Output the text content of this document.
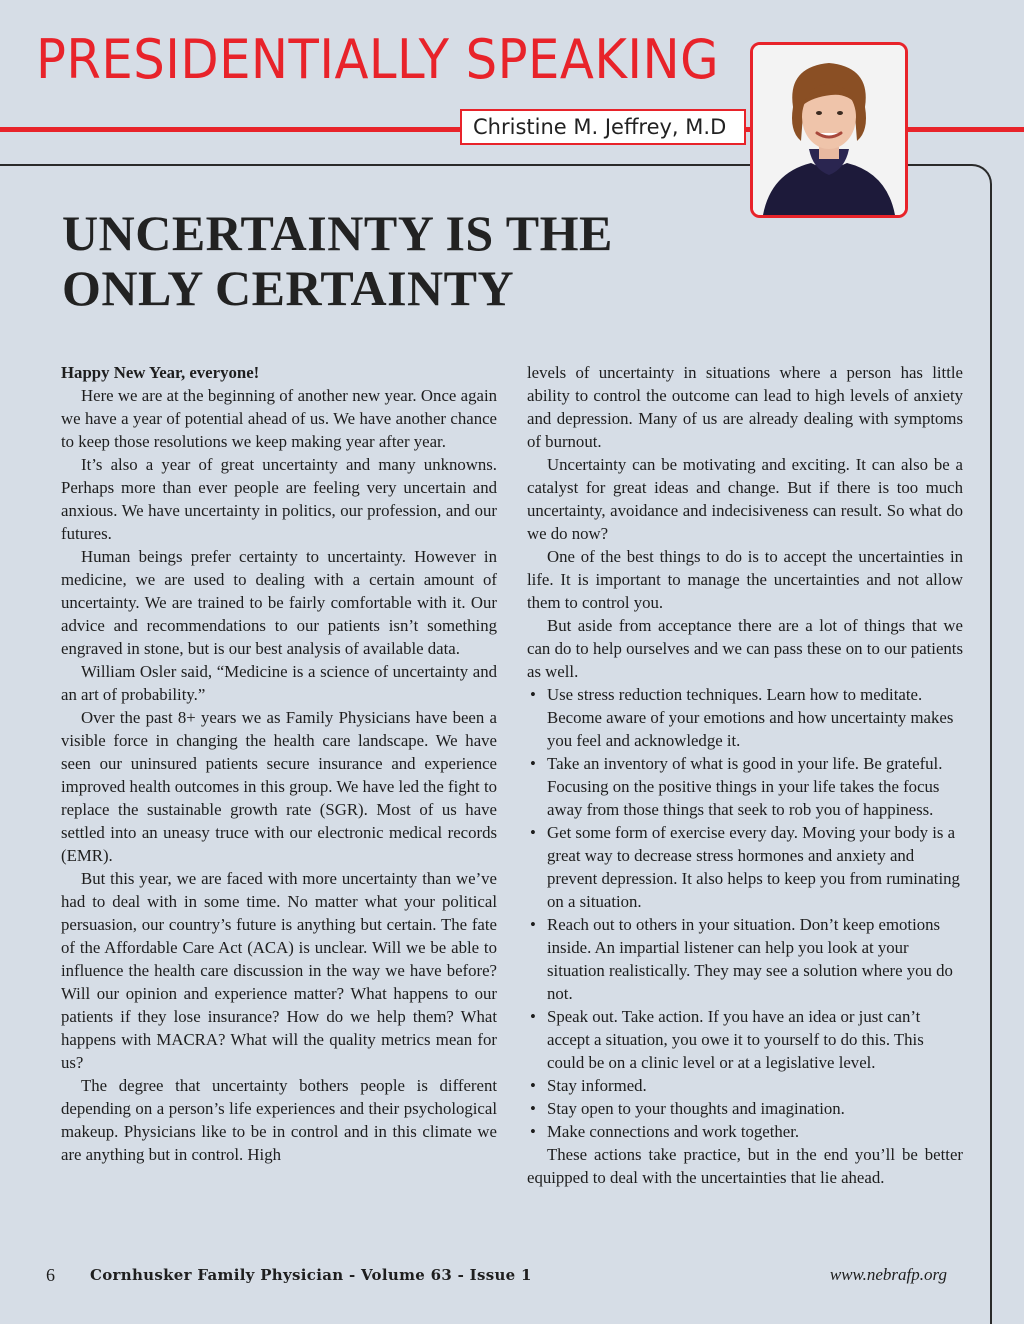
PRESIDENTIALLY SPEAKING
Christine M. Jeffrey, M.D
UNCERTAINTY IS THE
ONLY CERTAINTY

Happy New Year, everyone!

Here we are at the beginning of another new year. Once again we have a year of potential ahead of us. We have another chance to keep those resolutions we keep making year after year.

It’s also a year of great uncertainty and many unknowns. Perhaps more than ever people are feeling very uncertain and anxious. We have uncertainty in politics, our profession, and our futures.

Human beings prefer certainty to uncertainty. However in medicine, we are used to dealing with a certain amount of uncertainty. We are trained to be fairly comfortable with it. Our advice and recommendations to our patients isn’t something engraved in stone, but is our best analysis of available data.

William Osler said, “Medicine is a science of uncertainty and an art of probability.”

Over the past 8+ years we as Family Physicians have been a visible force in changing the health care landscape. We have seen our uninsured patients secure insurance and experience improved health outcomes in this group. We have led the fight to replace the sustainable growth rate (SGR). Most of us have settled into an uneasy truce with our electronic medical records (EMR).

But this year, we are faced with more uncertainty than we’ve had to deal with in some time. No matter what your political persuasion, our country’s future is anything but certain. The fate of the Affordable Care Act (ACA) is unclear. Will we be able to influence the health care discussion in the way we have before? Will our opinion and experience matter? What happens to our patients if they lose insurance? How do we help them? What happens with MACRA? What will the quality metrics mean for us?

The degree that uncertainty bothers people is different depending on a person’s life experiences and their psychological makeup. Physicians like to be in control and in this climate we are anything but in control. High

levels of uncertainty in situations where a person has little ability to control the outcome can lead to high levels of anxiety and depression. Many of us are already dealing with symptoms of burnout.

Uncertainty can be motivating and exciting. It can also be a catalyst for great ideas and change. But if there is too much uncertainty, avoidance and indecisiveness can result. So what do we do now?

One of the best things to do is to accept the uncertainties in life. It is important to manage the uncertainties and not allow them to control you.

But aside from acceptance there are a lot of things that we can do to help ourselves and we can pass these on to our patients as well.

• Use stress reduction techniques. Learn how to meditate. Become aware of your emotions and how uncertainty makes you feel and acknowledge it.
• Take an inventory of what is good in your life. Be grateful. Focusing on the positive things in your life takes the focus away from those things that seek to rob you of happiness.
• Get some form of exercise every day. Moving your body is a great way to decrease stress hormones and anxiety and prevent depression. It also helps to keep you from ruminating on a situation.
• Reach out to others in your situation. Don’t keep emotions inside. An impartial listener can help you look at your situation realistically. They may see a solution where you do not.
• Speak out. Take action. If you have an idea or just can’t accept a situation, you owe it to yourself to do this. This could be on a clinic level or at a legislative level.
• Stay informed.
• Stay open to your thoughts and imagination.
• Make connections and work together.

These actions take practice, but in the end you’ll be better equipped to deal with the uncertainties that lie ahead.

6 Cornhusker Family Physician - Volume 63 - Issue 1	www.nebrafp.org
